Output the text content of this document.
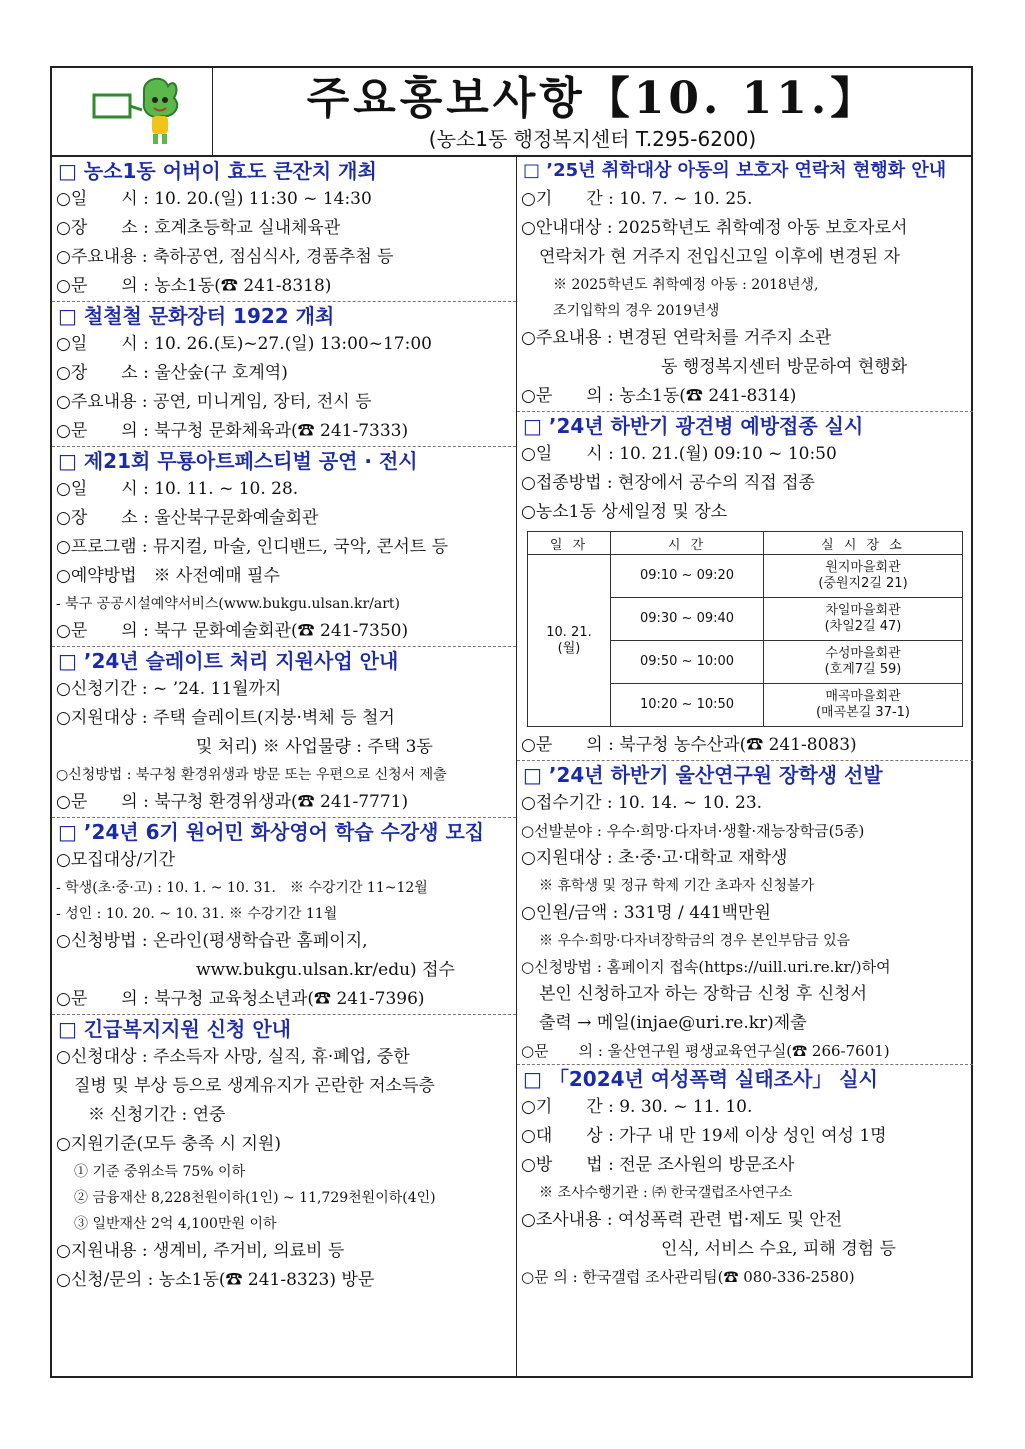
주요홍보사항【10. 11.】
(농소1동 행정복지센터 T.295-6200)
□ 농소1동 어버이 효도 큰잔치 개최
○일　　시 : 10. 20.(일) 11:30 ~ 14:30
○장　　소 : 호계초등학교 실내체육관
○주요내용 : 축하공연, 점심식사, 경품추첨 등
○문　　의 : 농소1동(☎ 241-8318)
□ 철철철 문화장터 1922 개최
○일　　시 : 10. 26.(토)~27.(일) 13:00~17:00
○장　　소 : 울산숲(구 호계역)
○주요내용 : 공연, 미니게임, 장터, 전시 등
○문　　의 : 북구청 문화체육과(☎ 241-7333)
□ 제21회 무룡아트페스티벌 공연 · 전시
○일　　시 : 10. 11. ~ 10. 28.
○장　　소 : 울산북구문화예술회관
○프로그램 : 뮤지컬, 마술, 인디밴드, 국악, 콘서트 등
○예약방법　※ 사전예매 필수
- 북구 공공시설예약서비스(www.bukgu.ulsan.kr/art)
○문　　의 : 북구 문화예술회관(☎ 241-7350)
□ ’24년 슬레이트 처리 지원사업 안내
○신청기간 : ~ ’24. 11월까지
○지원대상 : 주택 슬레이트(지붕·벽체 등 철거
및 처리) ※ 사업물량 : 주택 3동
○신청방법 : 북구청 환경위생과 방문 또는 우편으로 신청서 제출
○문　　의 : 북구청 환경위생과(☎ 241-7771)
□ ’24년 6기 원어민 화상영어 학습 수강생 모집
○모집대상/기간
- 학생(초·중·고) : 10. 1. ~ 10. 31.　※ 수강기간 11~12월
- 성인 : 10. 20. ~ 10. 31. ※ 수강기간 11월
○신청방법 : 온라인(평생학습관 홈페이지,
www.bukgu.ulsan.kr/edu) 접수
○문　　의 : 북구청 교육청소년과(☎ 241-7396)
□ 긴급복지지원 신청 안내
○신청대상 : 주소득자 사망, 실직, 휴·폐업, 중한
질병 및 부상 등으로 생계유지가 곤란한 저소득층
※ 신청기간 : 연중
○지원기준(모두 충족 시 지원)
① 기준 중위소득 75% 이하
② 금융재산 8,228천원이하(1인) ~ 11,729천원이하(4인)
③ 일반재산 2억 4,100만원 이하
○지원내용 : 생계비, 주거비, 의료비 등
○신청/문의 : 농소1동(☎ 241-8323) 방문
□ ’25년 취학대상 아동의 보호자 연락처 현행화 안내
○기　　간 : 10. 7. ~ 10. 25.
○안내대상 : 2025학년도 취학예정 아동 보호자로서
연락처가 현 거주지 전입신고일 이후에 변경된 자
※ 2025학년도 취학예정 아동 : 2018년생,
조기입학의 경우 2019년생
○주요내용 : 변경된 연락처를 거주지 소관
동 행정복지센터 방문하여 현행화
○문　　의 : 농소1동(☎ 241-8314)
□ ’24년 하반기 광견병 예방접종 실시
○일　　시 : 10. 21.(월) 09:10 ~ 10:50
○접종방법 : 현장에서 공수의 직접 접종
○농소1동 상세일정 및 장소
일 자	시 간	실 시 장 소
10. 21.
(월)	09:10 ~ 09:20	원지마을회관
(중원지2길 21)
	09:30 ~ 09:40	차일마을회관
(차일2길 47)
	09:50 ~ 10:00	수성마을회관
(호계7길 59)
	10:20 ~ 10:50	매곡마을회관
(매곡본길 37-1)
○문　　의 : 북구청 농수산과(☎ 241-8083)
□ ’24년 하반기 울산연구원 장학생 선발
○접수기간 : 10. 14. ~ 10. 23.
○선발분야 : 우수·희망·다자녀·생활·재능장학금(5종)
○지원대상 : 초·중·고·대학교 재학생
※ 휴학생 및 정규 학제 기간 초과자 신청불가
○인원/금액 : 331명 / 441백만원
※ 우수·희망·다자녀장학금의 경우 본인부담금 있음
○신청방법 : 홈페이지 접속(https://uill.uri.re.kr/)하여
본인 신청하고자 하는 장학금 신청 후 신청서
출력 → 메일(injae@uri.re.kr)제출
○문　　의 : 울산연구원 평생교육연구실(☎ 266-7601)
□ 「2024년 여성폭력 실태조사」 실시
○기　　간 : 9. 30. ~ 11. 10.
○대　　상 : 가구 내 만 19세 이상 성인 여성 1명
○방　　법 : 전문 조사원의 방문조사
※ 조사수행기관 : ㈜ 한국갤럽조사연구소
○조사내용 : 여성폭력 관련 법·제도 및 안전
인식, 서비스 수요, 피해 경험 등
○문 의 : 한국갤럽 조사관리팀(☎ 080-336-2580)
